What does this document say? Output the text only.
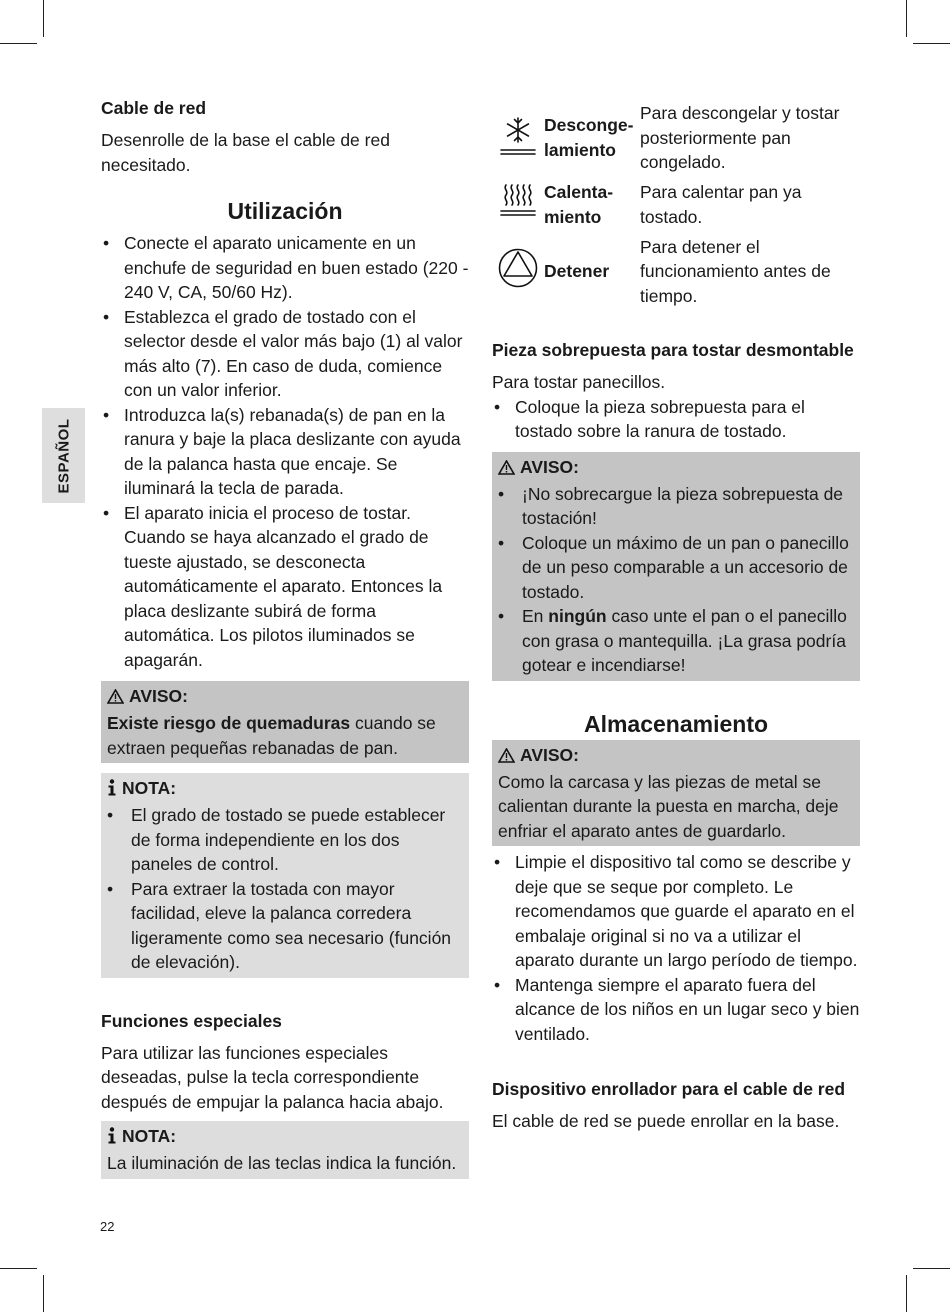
ESPAÑOL

Cable de red

Desenrolle de la base el cable de red necesitado.

Utilización

• Conecte el aparato unicamente en un enchufe de seguridad en buen estado (220 - 240 V, CA, 50/60 Hz).
• Establezca el grado de tostado con el selector desde el valor más bajo (1) al valor más alto (7). En caso de duda, comience con un valor inferior.
• Introduzca la(s) rebanada(s) de pan en la ranura y baje la placa deslizante con ayuda de la palanca hasta que encaje. Se iluminará la tecla de parada.
• El aparato inicia el proceso de tostar. Cuando se haya alcanzado el grado de tueste ajustado, se desconecta automáticamente el aparato. Entonces la placa deslizante subirá de forma automática. Los pilotos iluminados se apagarán.
AVISO:
Existe riesgo de quemaduras cuando se extraen pequeñas rebanadas de pan.
NOTA:
• El grado de tostado se puede establecer de forma independiente en los dos paneles de control.
• Para extraer la tostada con mayor facilidad, eleve la palanca corredera ligeramente como sea necesario (función de elevación).

Funciones especiales

Para utilizar las funciones especiales deseadas, pulse la tecla correspondiente después de empujar la palanca hacia abajo.

NOTA:
La iluminación de las teclas indica la función.
	Desconge-
lamiento	Para descongelar y tostar posteriormente pan congelado.
	Calenta-
miento	Para calentar pan ya tostado.
	Detener	Para detener el funcionamiento antes de tiempo.

Pieza sobrepuesta para tostar desmontable

Para tostar panecillos.

• Coloque la pieza sobrepuesta para el tostado sobre la ranura de tostado.
AVISO:
• ¡No sobrecargue la pieza sobrepuesta de tostación!
• Coloque un máximo de un pan o panecillo de un peso comparable a un accesorio de tostado.
• En ningún caso unte el pan o el panecillo con grasa o mantequilla. ¡La grasa podría gotear e incendiarse!

Almacenamiento

AVISO:
Como la carcasa y las piezas de metal se calientan durante la puesta en marcha, deje enfriar el aparato antes de guardarlo.
• Limpie el dispositivo tal como se describe y deje que se seque por completo. Le recomendamos que guarde el aparato en el embalaje original si no va a utilizar el aparato durante un largo período de tiempo.
• Mantenga siempre el aparato fuera del alcance de los niños en un lugar seco y bien ventilado.

Dispositivo enrollador para el cable de red

El cable de red se puede enrollar en la base.

22
